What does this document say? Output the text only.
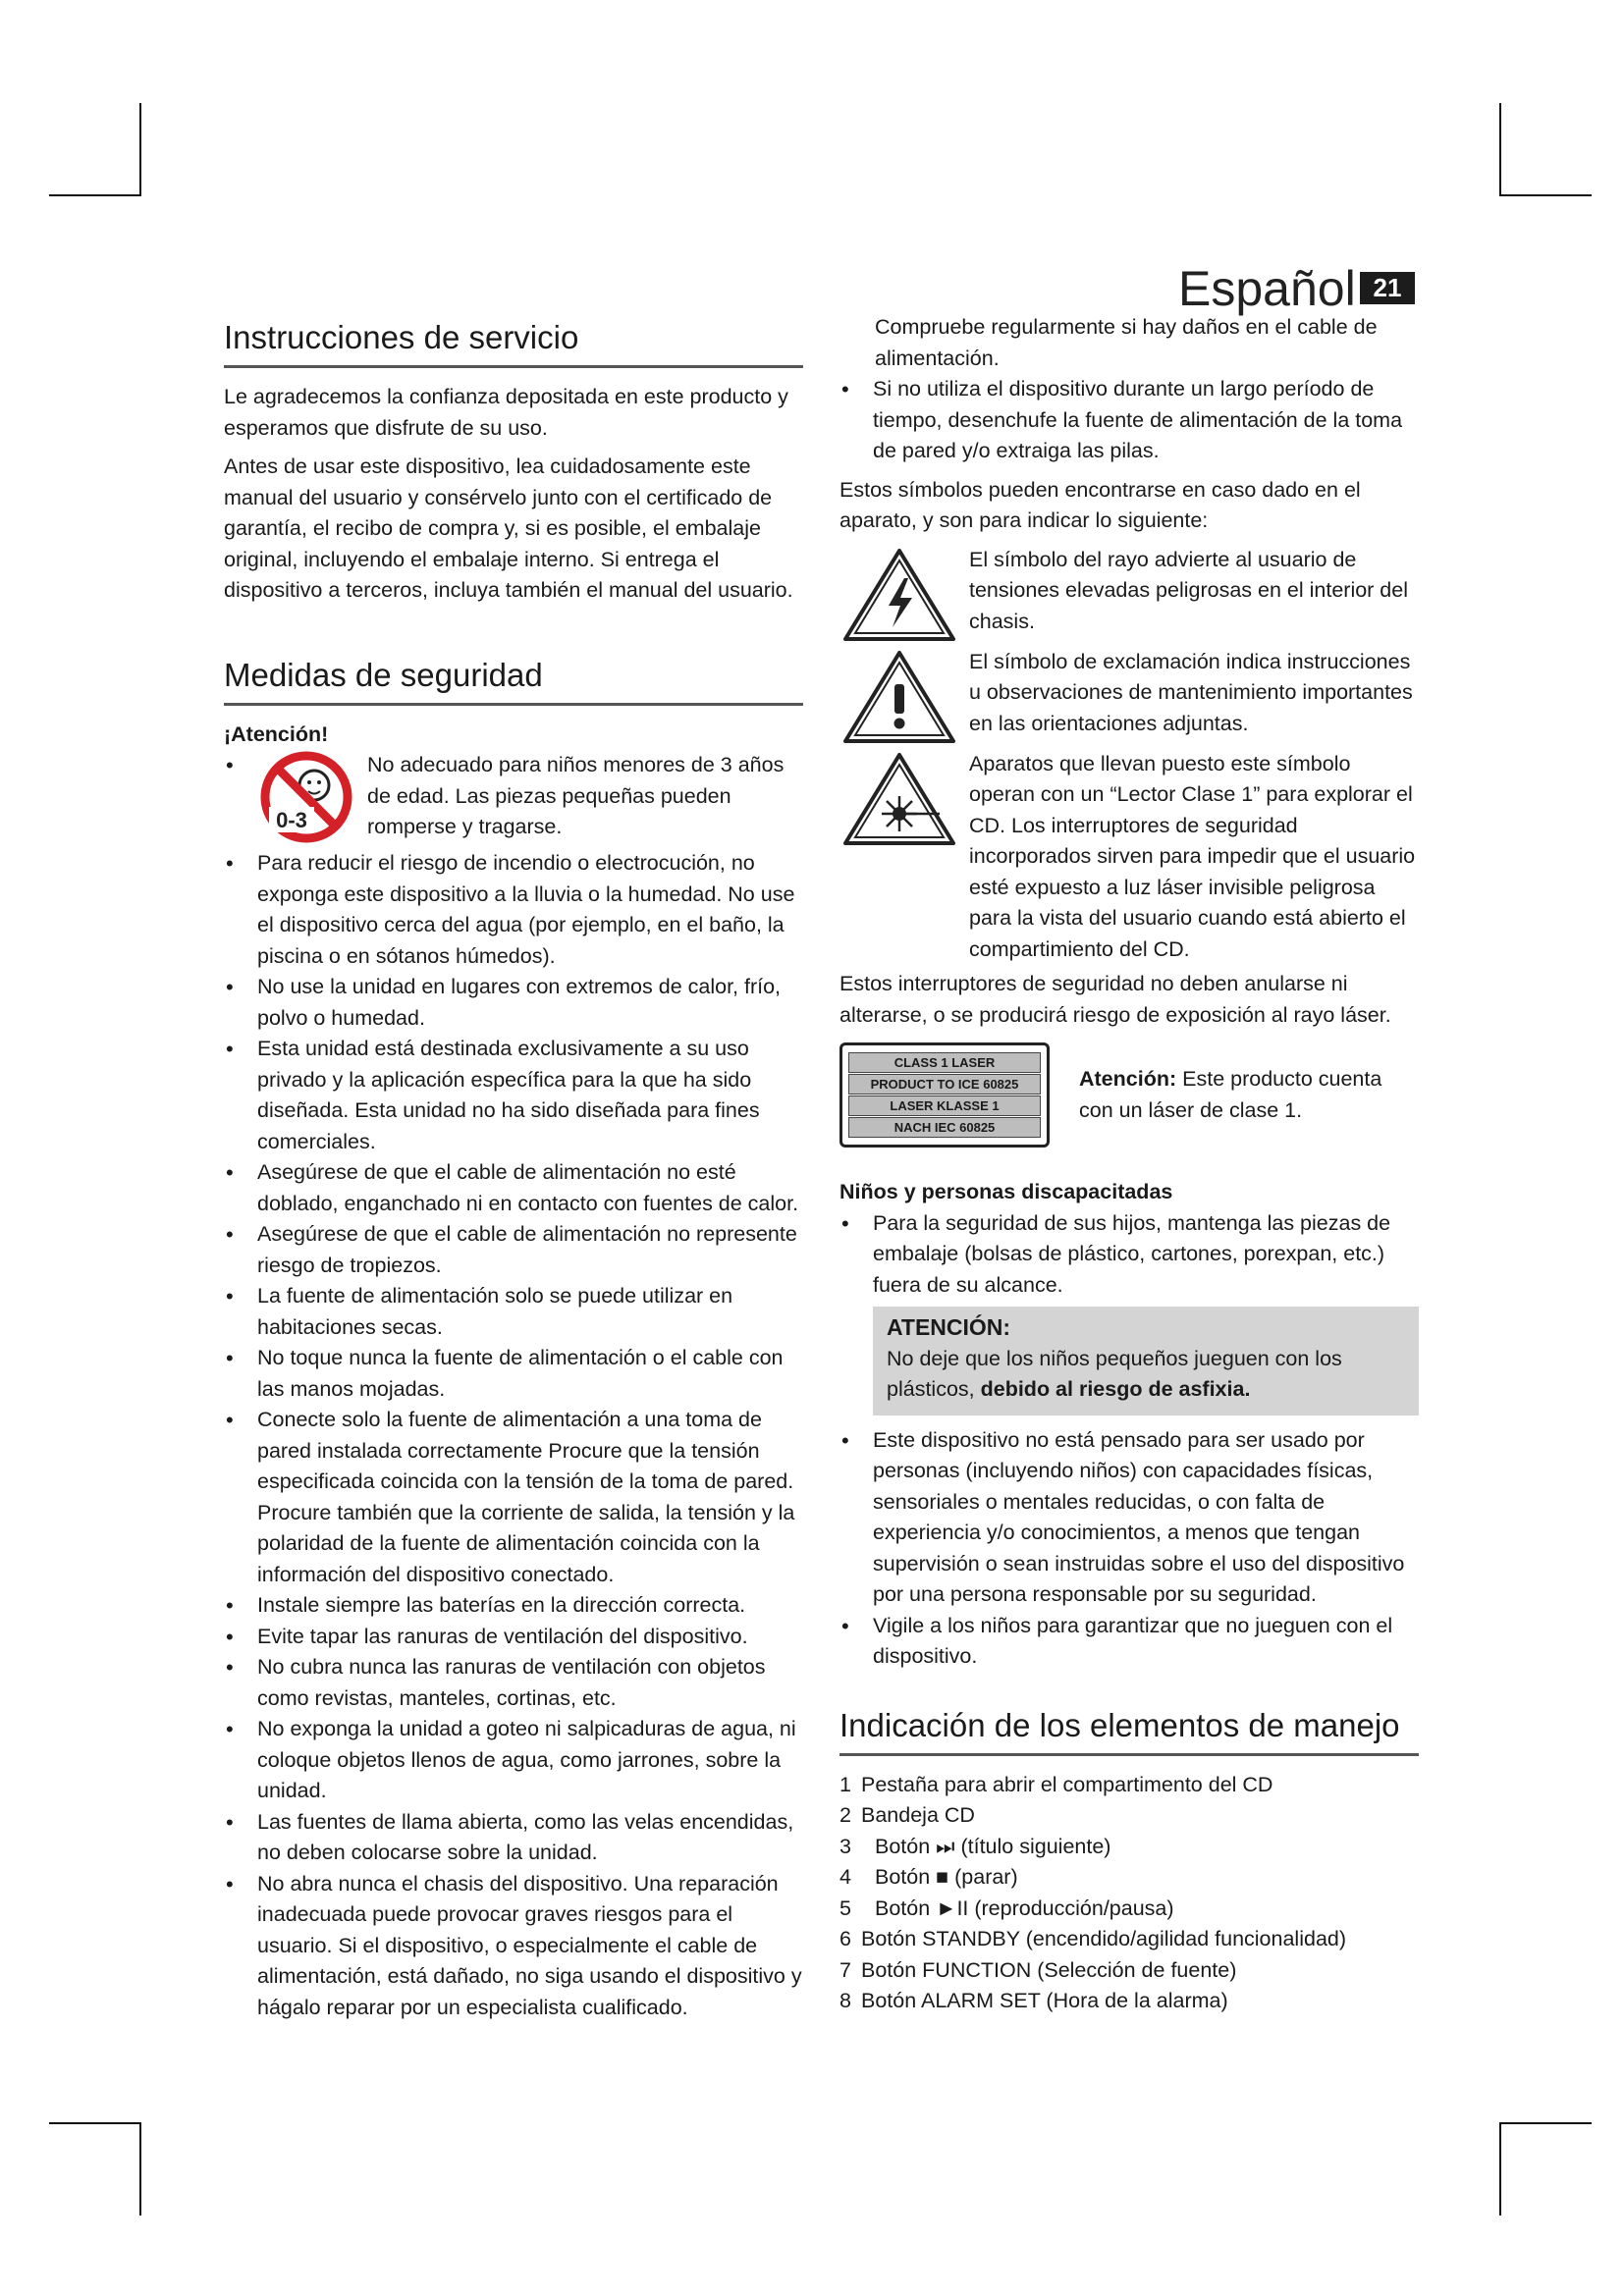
Español 21
Instrucciones de servicio

Le agradecemos la confianza depositada en este producto y esperamos que disfrute de su uso.

Antes de usar este dispositivo, lea cuidadosamente este manual del usuario y consérvelo junto con el certificado de garantía, el recibo de compra y, si es posible, el embalaje original, incluyendo el embalaje interno. Si entrega el dispositivo a terceros, incluya también el manual del usuario.

Medidas de seguridad
¡Atención!
• 0-3
No adecuado para niños menores de 3 años de edad. Las piezas pequeñas pueden romperse y tragarse.
• Para reducir el riesgo de incendio o electrocución, no exponga este dispositivo a la lluvia o la humedad. No use el dispositivo cerca del agua (por ejemplo, en el baño, la piscina o en sótanos húmedos).
• No use la unidad en lugares con extremos de calor, frío, polvo o humedad.
• Esta unidad está destinada exclusivamente a su uso privado y la aplicación específica para la que ha sido diseñada. Esta unidad no ha sido diseñada para fines comerciales.
• Asegúrese de que el cable de alimentación no esté doblado, enganchado ni en contacto con fuentes de calor.
• Asegúrese de que el cable de alimentación no represente riesgo de tropiezos.
• La fuente de alimentación solo se puede utilizar en habitaciones secas.
• No toque nunca la fuente de alimentación o el cable con las manos mojadas.
• Conecte solo la fuente de alimentación a una toma de pared instalada correctamente Procure que la tensión especificada coincida con la tensión de la toma de pared. Procure también que la corriente de salida, la tensión y la polaridad de la fuente de alimentación coincida con la información del dispositivo conectado.
• Instale siempre las baterías en la dirección correcta.
• Evite tapar las ranuras de ventilación del dispositivo.
• No cubra nunca las ranuras de ventilación con objetos como revistas, manteles, cortinas, etc.
• No exponga la unidad a goteo ni salpicaduras de agua, ni coloque objetos llenos de agua, como jarrones, sobre la unidad.
• Las fuentes de llama abierta, como las velas encendidas, no deben colocarse sobre la unidad.
• No abra nunca el chasis del dispositivo. Una reparación inadecuada puede provocar graves riesgos para el usuario. Si el dispositivo, o especialmente el cable de alimentación, está dañado, no siga usando el dispositivo y hágalo reparar por un especialista cualificado.
Compruebe regularmente si hay daños en el cable de alimentación.
• Si no utiliza el dispositivo durante un largo período de tiempo, desenchufe la fuente de alimentación de la toma de pared y/o extraiga las pilas.

Estos símbolos pueden encontrarse en caso dado en el aparato, y son para indicar lo siguiente:

El símbolo del rayo advierte al usuario de tensiones elevadas peligrosas en el interior del chasis.
El símbolo de exclamación indica instrucciones u observaciones de mantenimiento importantes en las orientaciones adjuntas.
Aparatos que llevan puesto este símbolo operan con un “Lector Clase 1” para explorar el CD. Los interruptores de seguridad incorporados sirven para impedir que el usuario esté expuesto a luz láser invisible peligrosa para la vista del usuario cuando está abierto el compartimiento del CD.

Estos interruptores de seguridad no deben anularse ni alterarse, o se producirá riesgo de exposición al rayo láser.

CLASS 1 LASER
PRODUCT TO ICE 60825
LASER KLASSE 1
NACH IEC 60825
Atención: Este producto cuenta con un láser de clase 1.
Niños y personas discapacitadas
• Para la seguridad de sus hijos, mantenga las piezas de embalaje (bolsas de plástico, cartones, porexpan, etc.) fuera de su alcance.
ATENCIÓN:
No deje que los niños pequeños jueguen con los plásticos, debido al riesgo de asfixia.
• Este dispositivo no está pensado para ser usado por personas (incluyendo niños) con capacidades físicas, sensoriales o mentales reducidas, o con falta de experiencia y/o conocimientos, a menos que tengan supervisión o sean instruidas sobre el uso del dispositivo por una persona responsable por su seguridad.
• Vigile a los niños para garantizar que no jueguen con el dispositivo.
Indicación de los elementos de manejo
1 Pestaña para abrir el compartimento del CD
2 Bandeja CD
3 Botón ⏭ (título siguiente)
4 Botón ■ (parar)
5 Botón ►II (reproducción/pausa)
6 Botón STANDBY (encendido/agilidad funcionalidad)
7 Botón FUNCTION (Selección de fuente)
8 Botón ALARM SET (Hora de la alarma)
